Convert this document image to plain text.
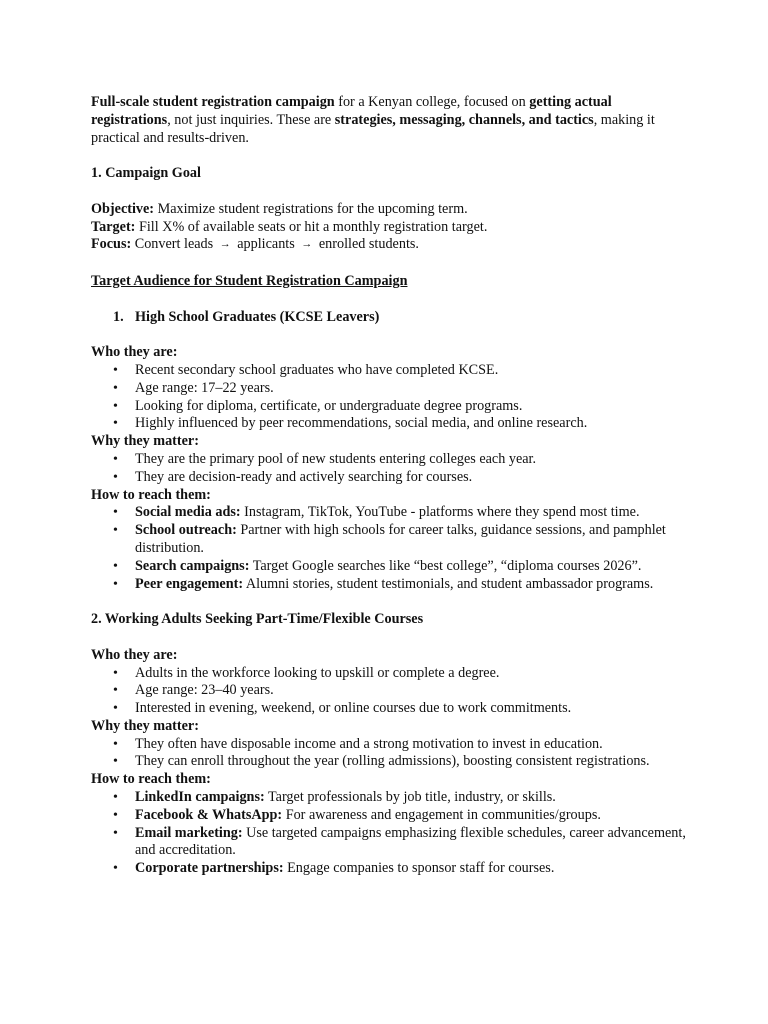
Full-scale student registration campaign for a Kenyan college, focused on getting actual registrations, not just inquiries. These are strategies, messaging, channels, and tactics, making it practical and results-driven.

1. Campaign Goal

Objective: Maximize student registrations for the upcoming term.

Target: Fill X% of available seats or hit a monthly registration target.

Focus: Convert leads → applicants → enrolled students.

Target Audience for Student Registration Campaign

1. High School Graduates (KCSE Leavers)

Who they are:

• Recent secondary school graduates who have completed KCSE.
• Age range: 17–22 years.
• Looking for diploma, certificate, or undergraduate degree programs.
• Highly influenced by peer recommendations, social media, and online research.

Why they matter:

• They are the primary pool of new students entering colleges each year.
• They are decision-ready and actively searching for courses.

How to reach them:

• Social media ads: Instagram, TikTok, YouTube - platforms where they spend most time.
• School outreach: Partner with high schools for career talks, guidance sessions, and pamphlet distribution.
• Search campaigns: Target Google searches like “best college”, “diploma courses 2026”.
• Peer engagement: Alumni stories, student testimonials, and student ambassador programs.

2. Working Adults Seeking Part-Time/Flexible Courses

Who they are:

• Adults in the workforce looking to upskill or complete a degree.
• Age range: 23–40 years.
• Interested in evening, weekend, or online courses due to work commitments.

Why they matter:

• They often have disposable income and a strong motivation to invest in education.
• They can enroll throughout the year (rolling admissions), boosting consistent registrations.

How to reach them:

• LinkedIn campaigns: Target professionals by job title, industry, or skills.
• Facebook & WhatsApp: For awareness and engagement in communities/groups.
• Email marketing: Use targeted campaigns emphasizing flexible schedules, career advancement, and accreditation.
• Corporate partnerships: Engage companies to sponsor staff for courses.
